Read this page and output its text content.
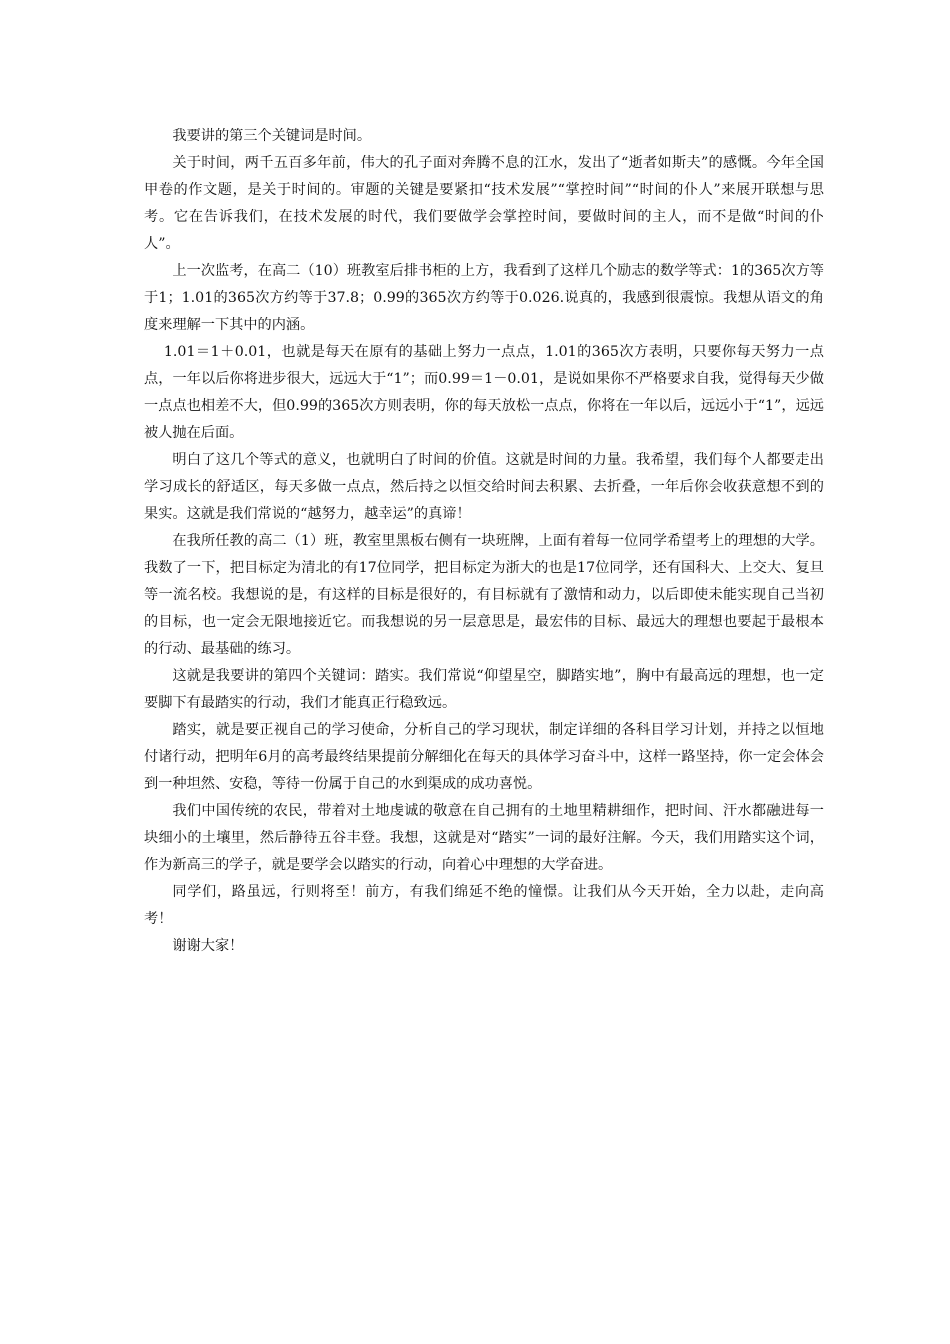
我要讲的第三个关键词是时间。

关于时间，两千五百多年前，伟大的孔子面对奔腾不息的江水，发出了“逝者如斯夫”的感慨。今年全国甲卷的作文题，是关于时间的。审题的关键是要紧扣“技术发展”“掌控时间”“时间的仆人”来展开联想与思考。它在告诉我们，在技术发展的时代，我们要做学会掌控时间，要做时间的主人，而不是做“时间的仆人”。

上一次监考，在高二（10）班教室后排书柜的上方，我看到了这样几个励志的数学等式：1的365次方等于1；1.01的365次方约等于37.8；0.99的365次方约等于0.026.说真的，我感到很震惊。我想从语文的角度来理解一下其中的内涵。

1.01＝1＋0.01，也就是每天在原有的基础上努力一点点，1.01的365次方表明，只要你每天努力一点点，一年以后你将进步很大，远远大于“1”；而0.99＝1－0.01，是说如果你不严格要求自我，觉得每天少做一点点也相差不大，但0.99的365次方则表明，你的每天放松一点点，你将在一年以后，远远小于“1”，远远被人抛在后面。

明白了这几个等式的意义，也就明白了时间的价值。这就是时间的力量。我希望，我们每个人都要走出学习成长的舒适区，每天多做一点点，然后持之以恒交给时间去积累、去折叠，一年后你会收获意想不到的果实。这就是我们常说的“越努力，越幸运”的真谛！

在我所任教的高二（1）班，教室里黑板右侧有一块班牌，上面有着每一位同学希望考上的理想的大学。我数了一下，把目标定为清北的有17位同学，把目标定为浙大的也是17位同学，还有国科大、上交大、复旦等一流名校。我想说的是，有这样的目标是很好的，有目标就有了激情和动力，以后即使未能实现自己当初的目标，也一定会无限地接近它。而我想说的另一层意思是，最宏伟的目标、最远大的理想也要起于最根本的行动、最基础的练习。

这就是我要讲的第四个关键词：踏实。我们常说“仰望星空，脚踏实地”，胸中有最高远的理想，也一定要脚下有最踏实的行动，我们才能真正行稳致远。

踏实，就是要正视自己的学习使命，分析自己的学习现状，制定详细的各科目学习计划，并持之以恒地付诸行动，把明年6月的高考最终结果提前分解细化在每天的具体学习奋斗中，这样一路坚持，你一定会体会到一种坦然、安稳，等待一份属于自己的水到渠成的成功喜悦。

我们中国传统的农民，带着对土地虔诚的敬意在自己拥有的土地里精耕细作，把时间、汗水都融进每一块细小的土壤里，然后静待五谷丰登。我想，这就是对“踏实”一词的最好注解。今天，我们用踏实这个词，作为新高三的学子，就是要学会以踏实的行动，向着心中理想的大学奋进。

同学们，路虽远，行则将至！前方，有我们绵延不绝的憧憬。让我们从今天开始，全力以赴，走向高考！

谢谢大家！
